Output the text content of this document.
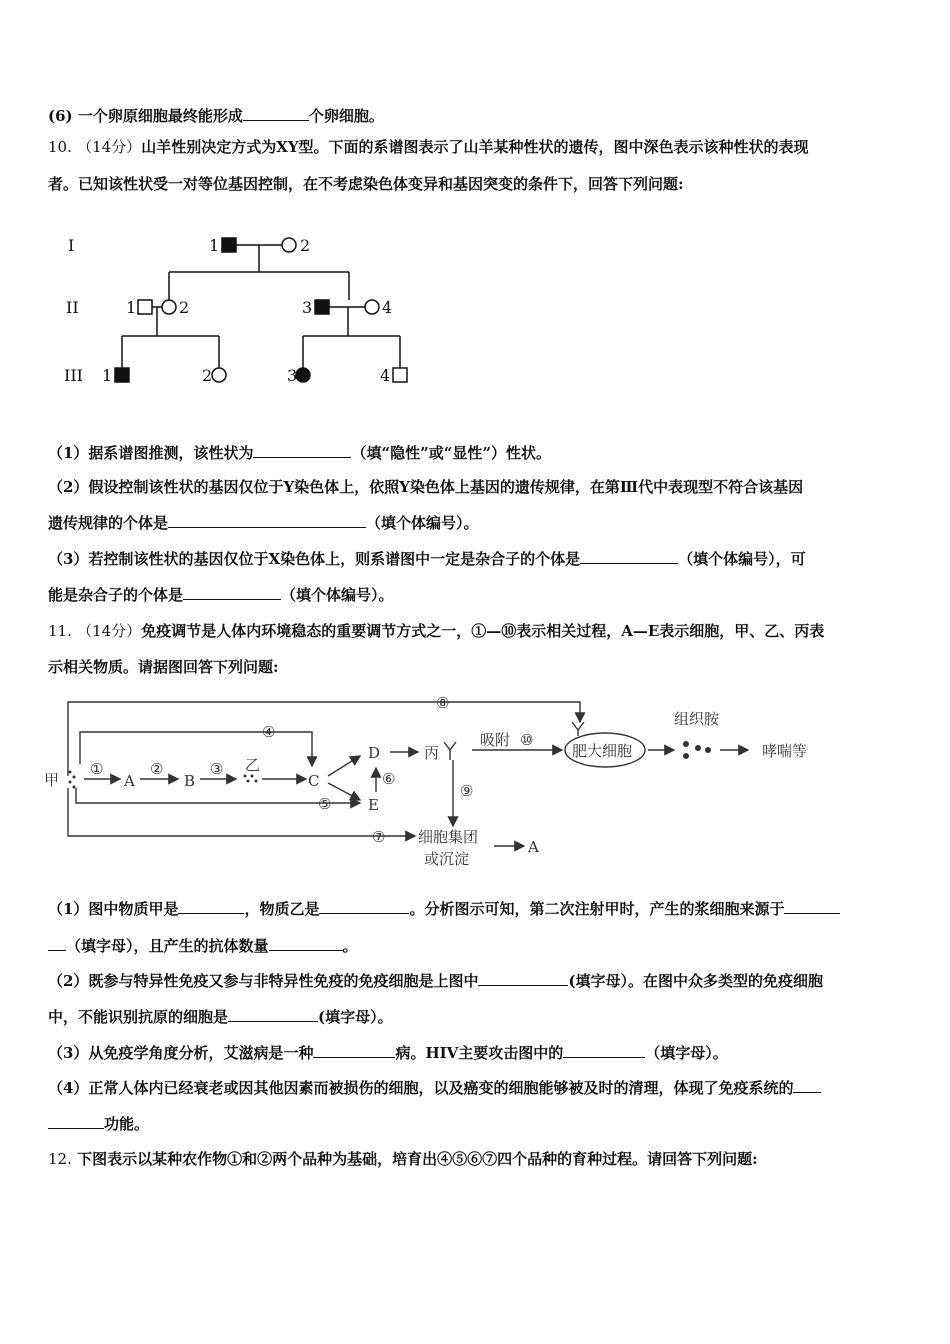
(6) 一个卵原细胞最终能形成	个卵细胞。
10. （14分）山羊性别决定方式为XY型。下面的系谱图表示了山羊某种性状的遗传，图中深色表示该种性状的表现
者。已知该性状受一对等位基因控制，在不考虑染色体变异和基因突变的条件下，回答下列问题:
I
II
III
1	2
1	2	3	4
1	2	3	4
（1）据系谱图推测，该性状为	（填“隐性”或“显性”）性状。
（2）假设控制该性状的基因仅位于Y染色体上，依照Y染色体上基因的遗传规律，在第Ⅲ代中表现型不符合该基因
遗传规律的个体是	（填个体编号）。
（3）若控制该性状的基因仅位于X染色体上，则系谱图中一定是杂合子的个体是	（填个体编号），可
能是杂合子的个体是	（填个体编号）。
11. （14分）免疫调节是人体内环境稳态的重要调节方式之一，①—⑩表示相关过程，A—E表示细胞，甲、乙、丙表
示相关物质。请据图回答下列问题:
甲	A	B
乙
C
D
E
丙
①	②	③
④
⑤
⑥
⑦
⑧
⑨
⑩
吸附
肥大细胞
组织胺
哮喘等
细胞集团
或沉淀
A
（1）图中物质甲是	，物质乙是	。分析图示可知，第二次注射甲时，产生的浆细胞来源于
（填字母），且产生的抗体数量	。
（2）既参与特异性免疫又参与非特异性免疫的免疫细胞是上图中	(填字母）。在图中众多类型的免疫细胞
中，不能识别抗原的细胞是	(填字母）。
（3）从免疫学角度分析，艾滋病是一种	病。HIV主要攻击图中的	（填字母）。
（4）正常人体内已经衰老或因其他因素而被损伤的细胞，以及癌变的细胞能够被及时的清理，体现了免疫系统的
功能。
12. 下图表示以某种农作物①和②两个品种为基础，培育出④⑤⑥⑦四个品种的育种过程。请回答下列问题:
